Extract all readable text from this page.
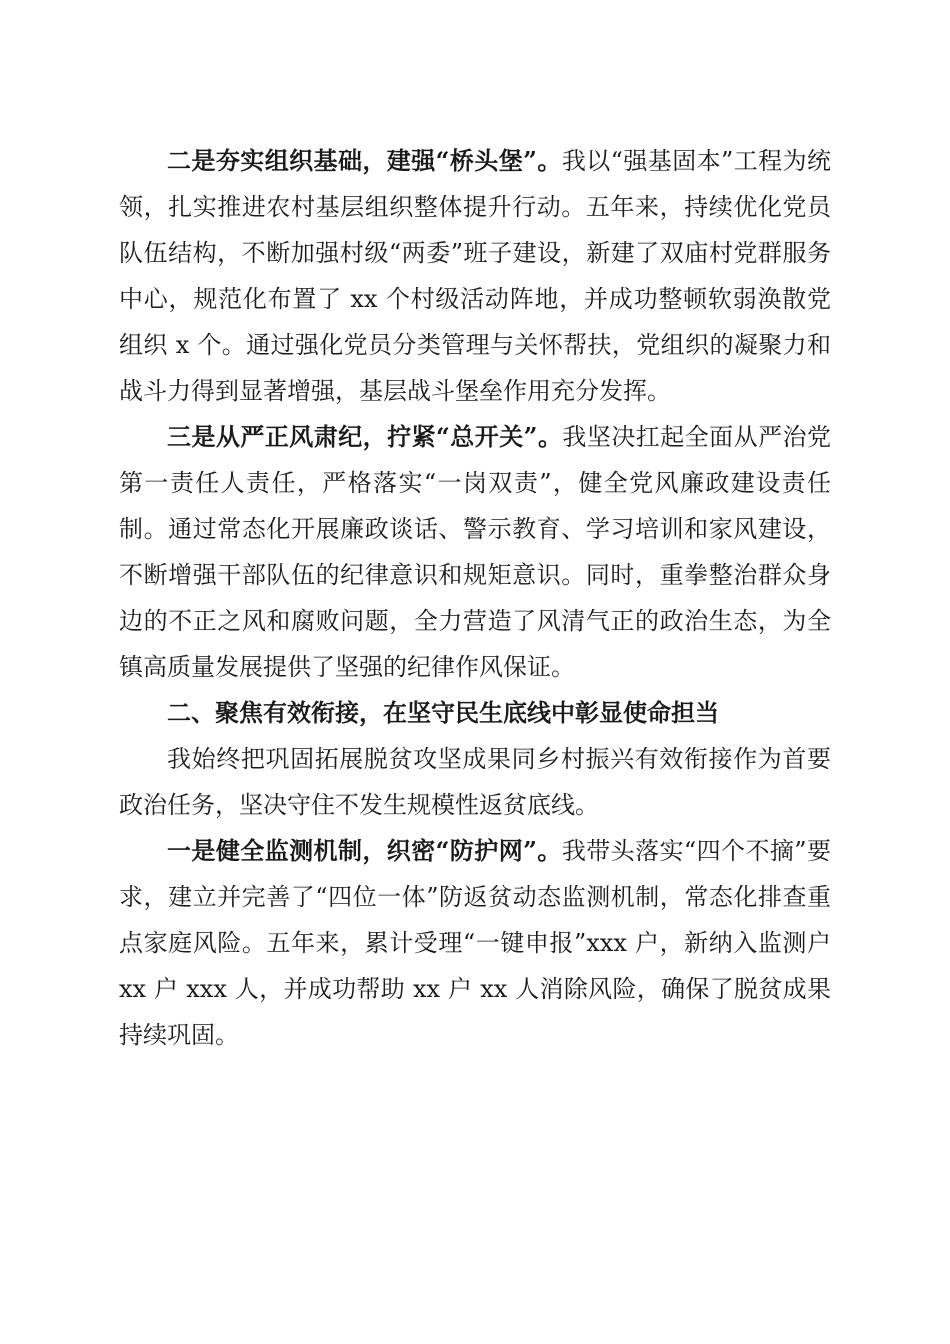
二是夯实组织基础，建强“桥头堡”。我以“强基固本”工程为统领，扎实推进农村基层组织整体提升行动。五年来，持续优化党员队伍结构，不断加强村级“两委”班子建设，新建了双庙村党群服务中心，规范化布置了 xx 个村级活动阵地，并成功整顿软弱涣散党组织 x 个。通过强化党员分类管理与关怀帮扶，党组织的凝聚力和战斗力得到显著增强，基层战斗堡垒作用充分发挥。

三是从严正风肃纪，拧紧“总开关”。我坚决扛起全面从严治党第一责任人责任，严格落实“一岗双责”，健全党风廉政建设责任制。通过常态化开展廉政谈话、警示教育、学习培训和家风建设，不断增强干部队伍的纪律意识和规矩意识。同时，重拳整治群众身边的不正之风和腐败问题，全力营造了风清气正的政治生态，为全镇高质量发展提供了坚强的纪律作风保证。

二、聚焦有效衔接，在坚守民生底线中彰显使命担当

我始终把巩固拓展脱贫攻坚成果同乡村振兴有效衔接作为首要政治任务，坚决守住不发生规模性返贫底线。

一是健全监测机制，织密“防护网”。我带头落实“四个不摘”要求，建立并完善了“四位一体”防返贫动态监测机制，常态化排查重点家庭风险。五年来，累计受理“一键申报”xxx 户，新纳入监测户 xx 户 xxx 人，并成功帮助 xx 户 xx 人消除风险，确保了脱贫成果持续巩固。
